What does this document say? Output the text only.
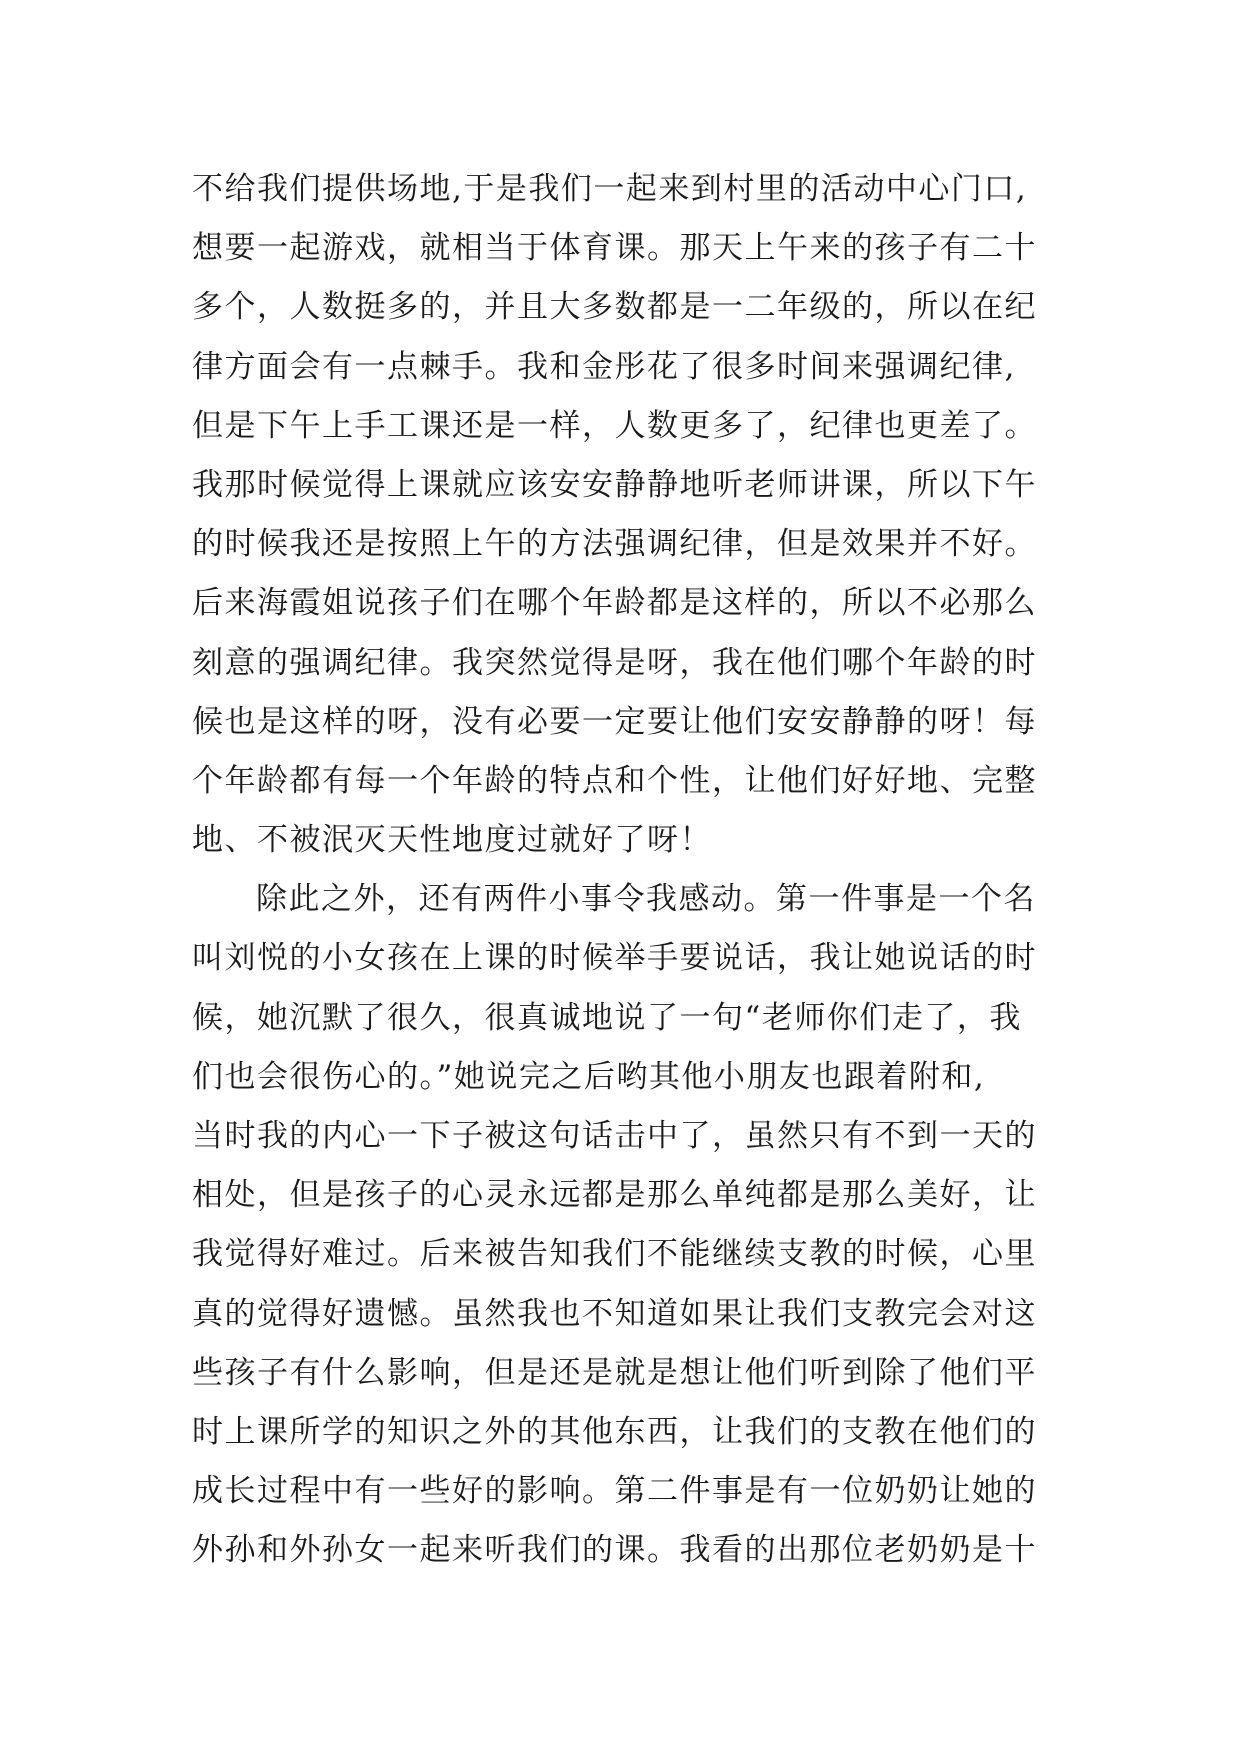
不给我们提供场地,于是我们一起来到村里的活动中心门口,
想要一起游戏，就相当于体育课。那天上午来的孩子有二十
多个，人数挺多的，并且大多数都是一二年级的，所以在纪
律方面会有一点棘手。我和金彤花了很多时间来强调纪律,
但是下午上手工课还是一样，人数更多了，纪律也更差了。
我那时候觉得上课就应该安安静静地听老师讲课，所以下午
的时候我还是按照上午的方法强调纪律，但是效果并不好。
后来海霞姐说孩子们在哪个年龄都是这样的，所以不必那么
刻意的强调纪律。我突然觉得是呀，我在他们哪个年龄的时
候也是这样的呀，没有必要一定要让他们安安静静的呀！每
个年龄都有每一个年龄的特点和个性，让他们好好地、完整
地、不被泯灭天性地度过就好了呀！
除此之外，还有两件小事令我感动。第一件事是一个名
叫刘悦的小女孩在上课的时候举手要说话，我让她说话的时
候，她沉默了很久，很真诚地说了一句“老师你们走了，我
们也会很伤心的。”她说完之后哟其他小朋友也跟着附和,
当时我的内心一下子被这句话击中了，虽然只有不到一天的
相处，但是孩子的心灵永远都是那么单纯都是那么美好，让
我觉得好难过。后来被告知我们不能继续支教的时候，心里
真的觉得好遗憾。虽然我也不知道如果让我们支教完会对这
些孩子有什么影响，但是还是就是想让他们听到除了他们平
时上课所学的知识之外的其他东西，让我们的支教在他们的
成长过程中有一些好的影响。第二件事是有一位奶奶让她的
外孙和外孙女一起来听我们的课。我看的出那位老奶奶是十
